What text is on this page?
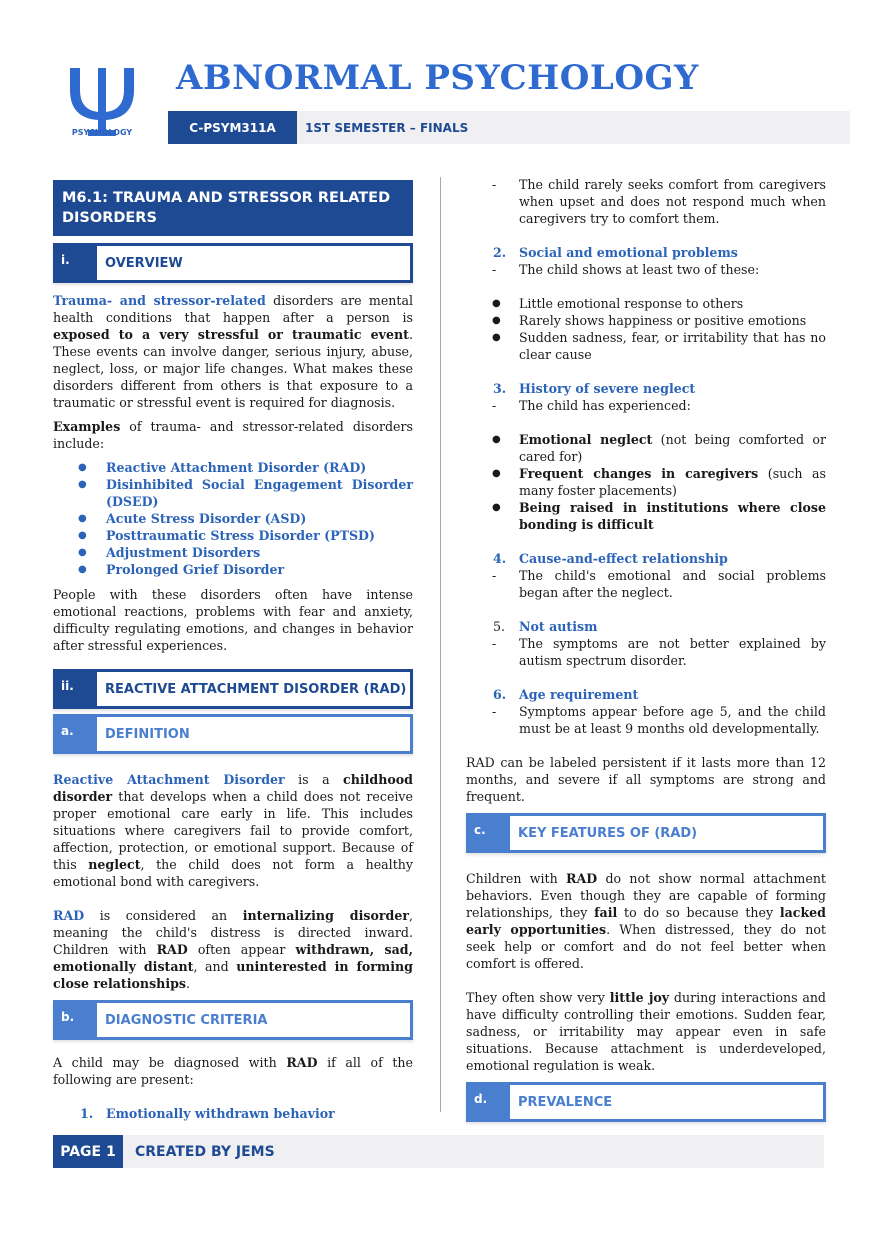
PSYCHOLOGY
ABNORMAL PSYCHOLOGY
C-PSYM311A	1ST SEMESTER – FINALS
M6.1: TRAUMA AND STRESSOR RELATED DISORDERS
i.	OVERVIEW

Trauma- and stressor-related disorders are mental health conditions that happen after a person is exposed to a very stressful or traumatic event. These events can involve danger, serious injury, abuse, neglect, loss, or major life changes. What makes these disorders different from others is that exposure to a traumatic or stressful event is required for diagnosis.

Examples of trauma- and stressor-related disorders include:

● Reactive Attachment Disorder (RAD)
● Disinhibited Social Engagement Disorder (DSED)
● Acute Stress Disorder (ASD)
● Posttraumatic Stress Disorder (PTSD)
● Adjustment Disorders
● Prolonged Grief Disorder

People with these disorders often have intense emotional reactions, problems with fear and anxiety, difficulty regulating emotions, and changes in behavior after stressful experiences.

ii.	REACTIVE ATTACHMENT DISORDER (RAD)
a.	DEFINITION

Reactive Attachment Disorder is a childhood disorder that develops when a child does not receive proper emotional care early in life. This includes situations where caregivers fail to provide comfort, affection, protection, or emotional support. Because of this neglect, the child does not form a healthy emotional bond with caregivers.

RAD is considered an internalizing disorder, meaning the child's distress is directed inward. Children with RAD often appear withdrawn, sad, emotionally distant, and uninterested in forming close relationships.

b.	DIAGNOSTIC CRITERIA

A child may be diagnosed with RAD if all of the following are present:

1.	Emotionally withdrawn behavior
-	The child rarely seeks comfort from caregivers when upset and does not respond much when caregivers try to comfort them.
2.	Social and emotional problems
-	The child shows at least two of these:
● Little emotional response to others
● Rarely shows happiness or positive emotions
● Sudden sadness, fear, or irritability that has no clear cause
3.	History of severe neglect
-	The child has experienced:
● Emotional neglect (not being comforted or cared for)
● Frequent changes in caregivers (such as many foster placements)
● Being raised in institutions where close bonding is difficult
4.	Cause-and-effect relationship
-	The child's emotional and social problems began after the neglect.
5.	Not autism
-	The symptoms are not better explained by autism spectrum disorder.
6.	Age requirement
-	Symptoms appear before age 5, and the child must be at least 9 months old developmentally.

RAD can be labeled persistent if it lasts more than 12 months, and severe if all symptoms are strong and frequent.

c.	KEY FEATURES OF (RAD)

Children with RAD do not show normal attachment behaviors. Even though they are capable of forming relationships, they fail to do so because they lacked early opportunities. When distressed, they do not seek help or comfort and do not feel better when comfort is offered.

They often show very little joy during interactions and have difficulty controlling their emotions. Sudden fear, sadness, or irritability may appear even in safe situations. Because attachment is underdeveloped, emotional regulation is weak.

d.	PREVALENCE
PAGE 1	CREATED BY JEMS
